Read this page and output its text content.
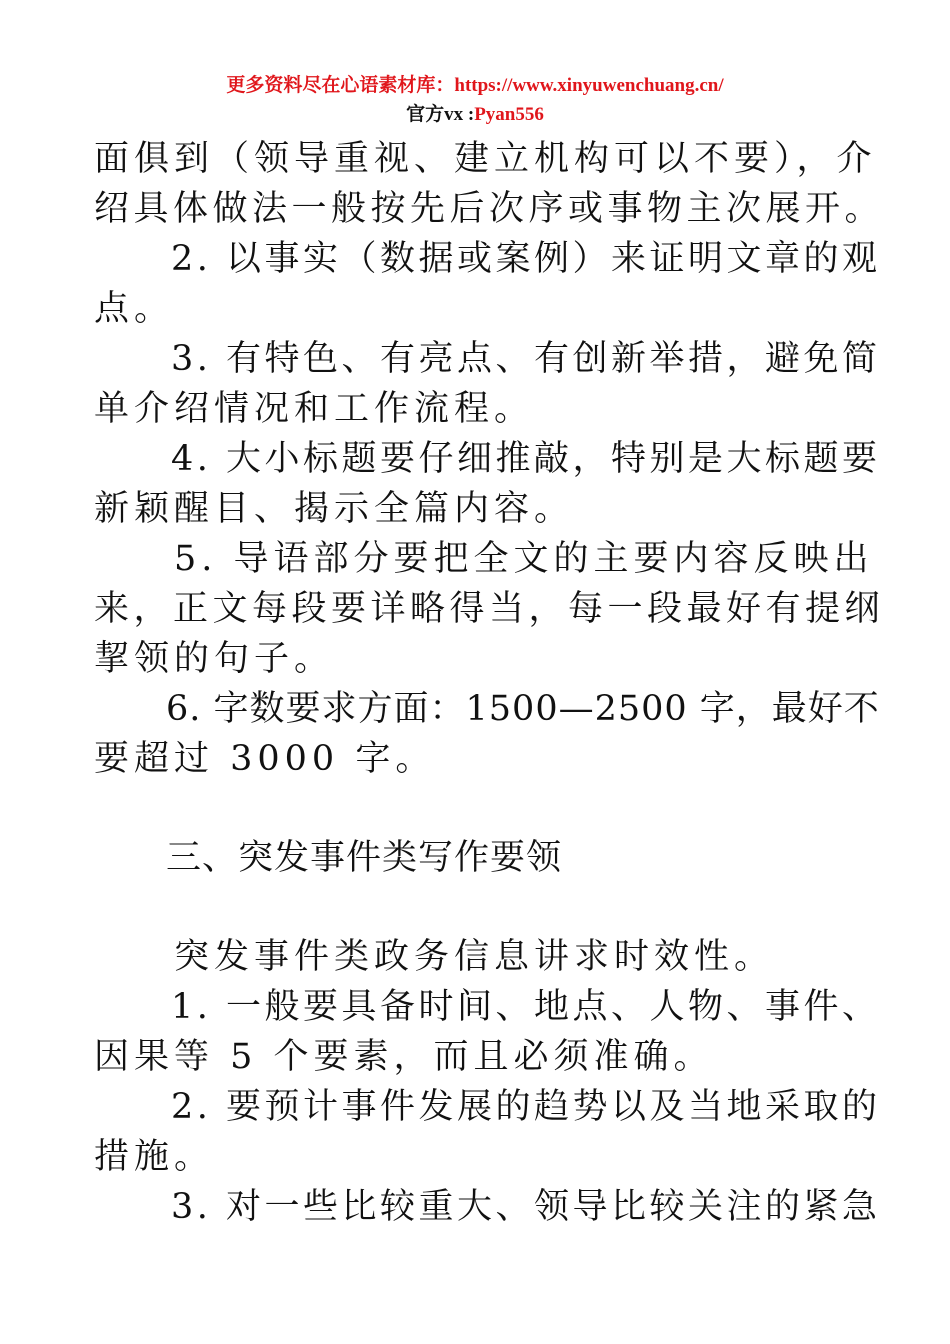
更多资料尽在心语素材库：https://www.xinyuwenchuang.cn/
官方vx :Pyan556
面俱到（领导重视、建立机构可以不要），介
绍具体做法一般按先后次序或事物主次展开。
　　2. 以事实（数据或案例）来证明文章的观
点。
　　3. 有特色、有亮点、有创新举措，避免简
单介绍情况和工作流程。
　　4. 大小标题要仔细推敲，特别是大标题要
新颖醒目、揭示全篇内容。
　　5. 导语部分要把全文的主要内容反映出
来，正文每段要详略得当，每一段最好有提纲
挈领的句子。
　　6. 字数要求方面：1500—2500 字，最好不
要超过 3000 字。
三、突发事件类写作要领
　　突发事件类政务信息讲求时效性。
　　1. 一般要具备时间、地点、人物、事件、
因果等 5 个要素，而且必须准确。
　　2. 要预计事件发展的趋势以及当地采取的
措施。
　　3. 对一些比较重大、领导比较关注的紧急
